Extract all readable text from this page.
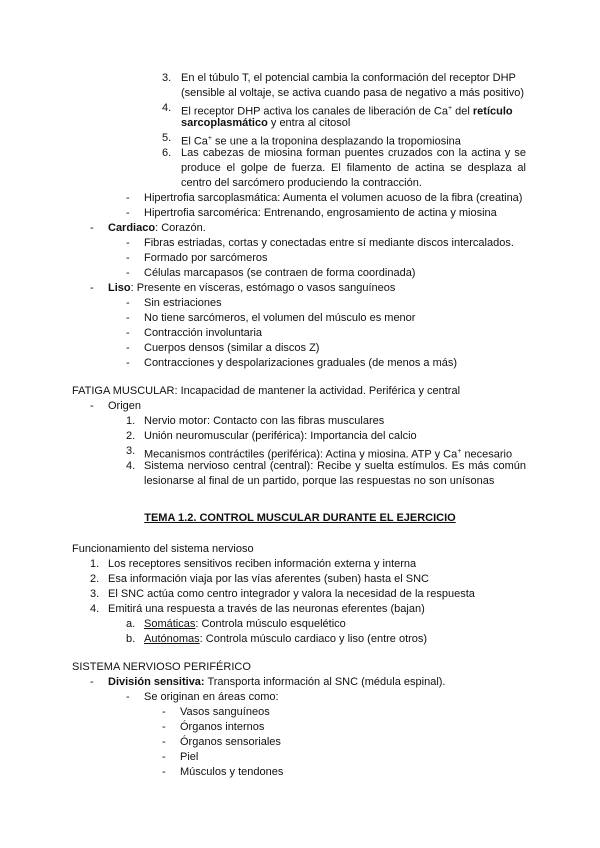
3. En el túbulo T, el potencial cambia la conformación del receptor DHP
(sensible al voltaje, se activa cuando pasa de negativo a más positivo)
4. El receptor DHP activa los canales de liberación de Ca+ del retículo
sarcoplasmático y entra al citosol
5. El Ca+ se une a la troponina desplazando la tropomiosina
6. Las cabezas de miosina forman puentes cruzados con la actina y se
produce el golpe de fuerza. El filamento de actina se desplaza al
centro del sarcómero produciendo la contracción.
- Hipertrofia sarcoplasmática: Aumenta el volumen acuoso de la fibra (creatina)
- Hipertrofia sarcomérica: Entrenando, engrosamiento de actina y miosina
- Cardiaco: Corazón.
- Fibras estriadas, cortas y conectadas entre sí mediante discos intercalados.
- Formado por sarcómeros
- Células marcapasos (se contraen de forma coordinada)
- Liso: Presente en vísceras, estómago o vasos sanguíneos
- Sin estriaciones
- No tiene sarcómeros, el volumen del músculo es menor
- Contracción involuntaria
- Cuerpos densos (similar a discos Z)
- Contracciones y despolarizaciones graduales (de menos a más)
FATIGA MUSCULAR: Incapacidad de mantener la actividad. Periférica y central
- Origen
1. Nervio motor: Contacto con las fibras musculares
2. Unión neuromuscular (periférica): Importancia del calcio
3. Mecanismos contráctiles (periférica): Actina y miosina. ATP y Ca+ necesario
4. Sistema nervioso central (central): Recibe y suelta estímulos. Es más común
lesionarse al final de un partido, porque las respuestas no son unísonas
TEMA 1.2. CONTROL MUSCULAR DURANTE EL EJERCICIO
Funcionamiento del sistema nervioso
1. Los receptores sensitivos reciben información externa y interna
2. Esa información viaja por las vías aferentes (suben) hasta el SNC
3. El SNC actúa como centro integrador y valora la necesidad de la respuesta
4. Emitirá una respuesta a través de las neuronas eferentes (bajan)
a. Somáticas: Controla músculo esquelético
b. Autónomas: Controla músculo cardiaco y liso (entre otros)
SISTEMA NERVIOSO PERIFÉRICO
- División sensitiva: Transporta información al SNC (médula espinal).
- Se originan en áreas como:
- Vasos sanguíneos
- Órganos internos
- Órganos sensoriales
- Piel
- Músculos y tendones
